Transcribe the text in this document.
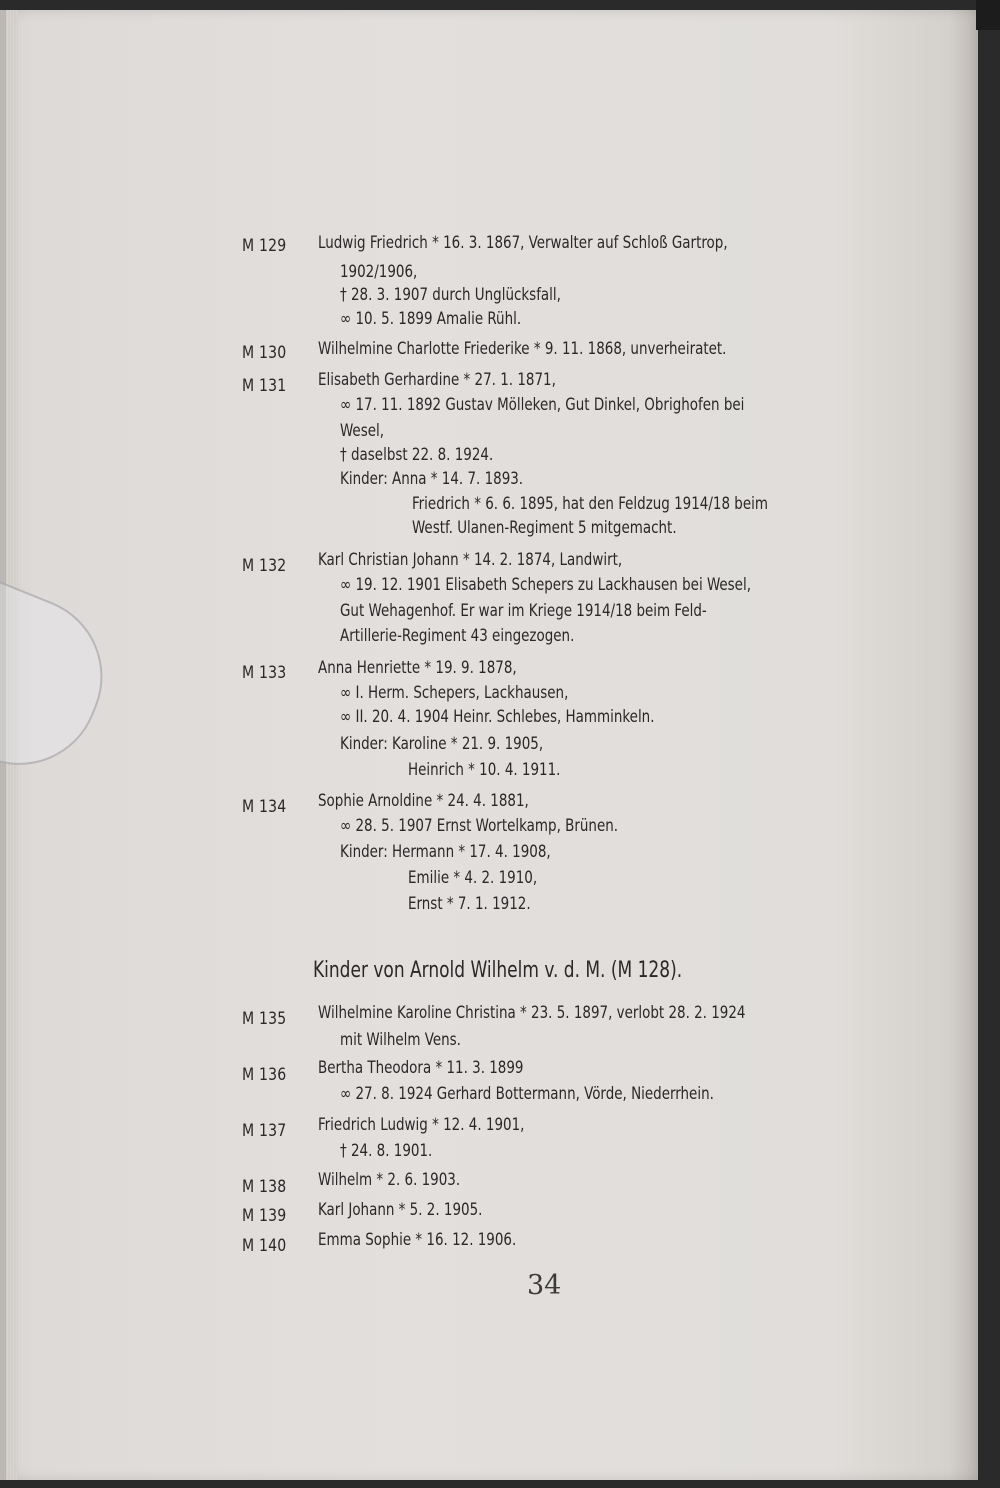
M 129	Ludwig Friedrich * 16. 3. 1867, Verwalter auf Schloß Gartrop,
1902/1906,
† 28. 3. 1907 durch Unglücksfall,
∞ 10. 5. 1899 Amalie Rühl.
M 130	Wilhelmine Charlotte Friederike * 9. 11. 1868, unverheiratet.
M 131	Elisabeth Gerhardine * 27. 1. 1871,
∞ 17. 11. 1892 Gustav Mölleken, Gut Dinkel, Obrighofen bei
Wesel,
† daselbst 22. 8. 1924.
Kinder: Anna * 14. 7. 1893.
Friedrich * 6. 6. 1895, hat den Feldzug 1914/18 beim
Westf. Ulanen-Regiment 5 mitgemacht.
M 132	Karl Christian Johann * 14. 2. 1874, Landwirt,
∞ 19. 12. 1901 Elisabeth Schepers zu Lackhausen bei Wesel,
Gut Wehagenhof. Er war im Kriege 1914/18 beim Feld-
Artillerie-Regiment 43 eingezogen.
M 133	Anna Henriette * 19. 9. 1878,
∞ I. Herm. Schepers, Lackhausen,
∞ II. 20. 4. 1904 Heinr. Schlebes, Hamminkeln.
Kinder: Karoline * 21. 9. 1905,
Heinrich * 10. 4. 1911.
M 134	Sophie Arnoldine * 24. 4. 1881,
∞ 28. 5. 1907 Ernst Wortelkamp, Brünen.
Kinder: Hermann * 17. 4. 1908,
Emilie * 4. 2. 1910,
Ernst * 7. 1. 1912.
Kinder von Arnold Wilhelm v. d. M. (M 128).
M 135	Wilhelmine Karoline Christina * 23. 5. 1897, verlobt 28. 2. 1924
mit Wilhelm Vens.
M 136	Bertha Theodora * 11. 3. 1899
∞ 27. 8. 1924 Gerhard Bottermann, Vörde, Niederrhein.
M 137	Friedrich Ludwig * 12. 4. 1901,
† 24. 8. 1901.
M 138	Wilhelm * 2. 6. 1903.
M 139	Karl Johann * 5. 2. 1905.
M 140	Emma Sophie * 16. 12. 1906.
34
